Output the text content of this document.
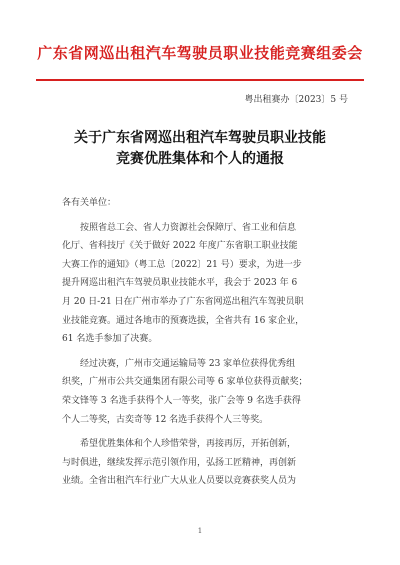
广东省网巡出租汽车驾驶员职业技能竞赛组委会
粤出租赛办〔2023〕5 号
关于广东省网巡出租汽车驾驶员职业技能
竞赛优胜集体和个人的通报
各有关单位：
按照省总工会、省人力资源社会保障厅、省工业和信息
化厅、省科技厅《关于做好 2022 年度广东省职工职业技能
大赛工作的通知》（粤工总〔2022〕21 号）要求，为进一步
提升网巡出租汽车驾驶员职业技能水平，我会于 2023 年 6
月 20 日-21 日在广州市举办了广东省网巡出租汽车驾驶员职
业技能竞赛。通过各地市的预赛选拔，全省共有 16 家企业，
61 名选手参加了决赛。
经过决赛，广州市交通运输局等 23 家单位获得优秀组
织奖，广州市公共交通集团有限公司等 6 家单位获得贡献奖；
荣文锋等 3 名选手获得个人一等奖，张广会等 9 名选手获得
个人二等奖，古奕奇等 12 名选手获得个人三等奖。
希望优胜集体和个人珍惜荣誉，再接再厉，开拓创新，
与时俱进，继续发挥示范引领作用，弘扬工匠精神，再创新
业绩。全省出租汽车行业广大从业人员要以竞赛获奖人员为
1
